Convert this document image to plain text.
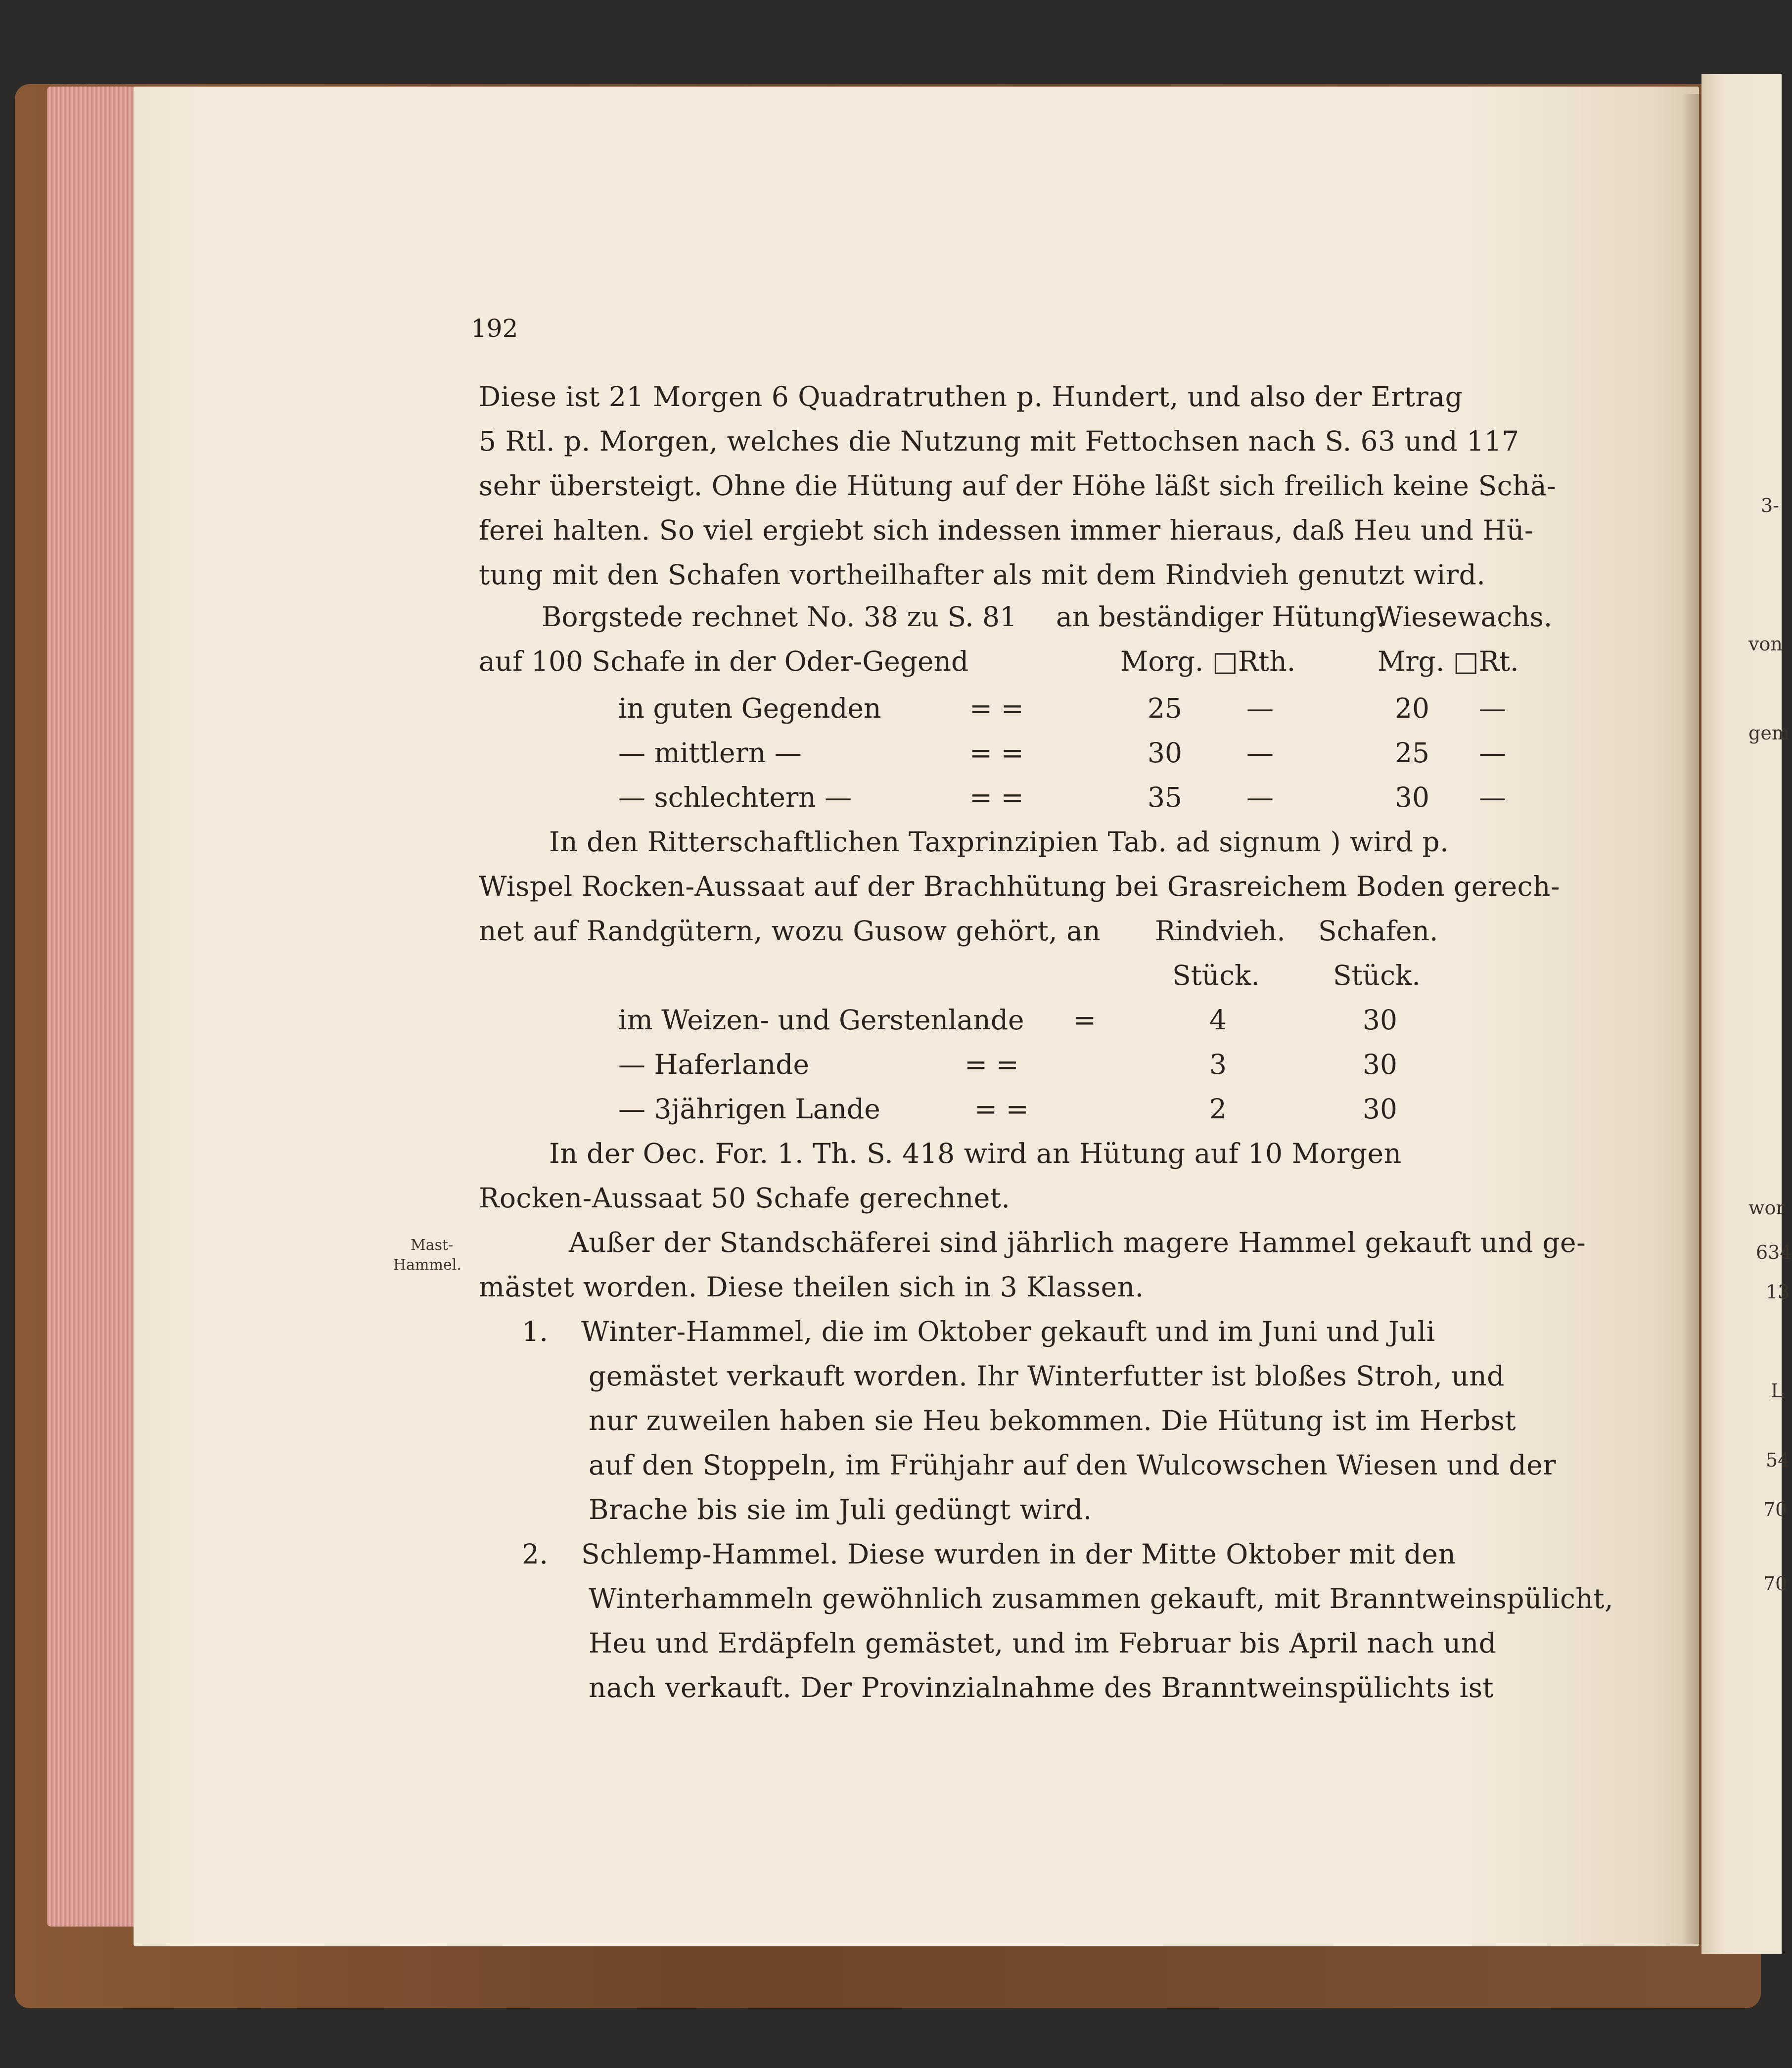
3-
von
gem
wor
634
13
L
54
70
70
192
Diese ist 21 Morgen 6 Quadratruthen p. Hundert, und also der Ertrag
5 Rtl. p. Morgen, welches die Nutzung mit Fettochsen nach S. 63 und 117
sehr übersteigt. Ohne die Hütung auf der Höhe läßt sich freilich keine Schä-
ferei halten. So viel ergiebt sich indessen immer hieraus, daß Heu und Hü-
tung mit den Schafen vortheilhafter als mit dem Rindvieh genutzt wird.
Borgstede rechnet No. 38 zu S. 81
auf 100 Schafe in der Oder-Gegend
an beständiger Hütung.
Wiesewachs.
Morg. □Rth.	Mrg. □Rt.
in guten Gegenden	= =	25 —	20 —
— mittlern —	= =	30 —	25 —
— schlechtern —	= =	35 —	30 —
In den Ritterschaftlichen Taxprinzipien Tab. ad signum ) wird p.
Wispel Rocken-Aussaat auf der Brachhütung bei Grasreichem Boden gerech-
net auf Randgütern, wozu Gusow gehört, an Rindvieh. Schafen.
Stück.	Stück.
im Weizen- und Gerstenlande =	4	30
— Haferlande	= =	3	30
— 3jährigen Lande	= =	2	30
In der Oec. For. 1. Th. S. 418 wird an Hütung auf 10 Morgen
Rocken-Aussaat 50 Schafe gerechnet.
Mast-
Hammel.
Außer der Standschäferei sind jährlich magere Hammel gekauft und ge-
mästet worden. Diese theilen sich in 3 Klassen.
1. Winter-Hammel, die im Oktober gekauft und im Juni und Juli
gemästet verkauft worden. Ihr Winterfutter ist bloßes Stroh, und
nur zuweilen haben sie Heu bekommen. Die Hütung ist im Herbst
auf den Stoppeln, im Frühjahr auf den Wulcowschen Wiesen und der
Brache bis sie im Juli gedüngt wird.
2. Schlemp-Hammel. Diese wurden in der Mitte Oktober mit den
Winterhammeln gewöhnlich zusammen gekauft, mit Branntweinspülicht,
Heu und Erdäpfeln gemästet, und im Februar bis April nach und
nach verkauft. Der Provinzialnahme des Branntweinspülichts ist
